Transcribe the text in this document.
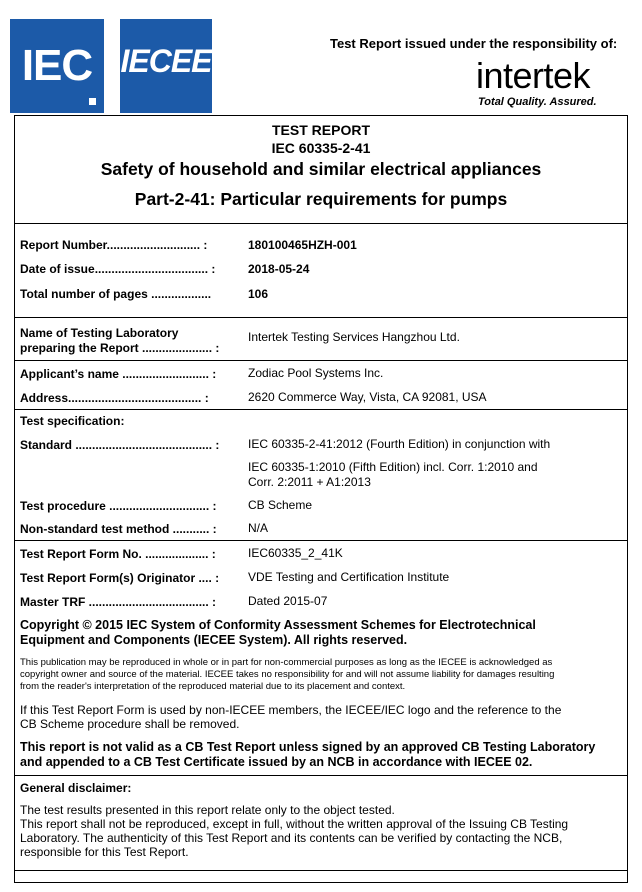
IEC IECEE	Test Report issued under the responsibility of:
intertek
Total Quality. Assured.
TEST REPORT
IEC 60335-2-41
Safety of household and similar electrical appliances
Part-2-41: Particular requirements for pumps
Report Number............................ :	180100465HZH-001
Date of issue.................................. :	2018-05-24
Total number of pages ..................	106
Name of Testing Laboratory
preparing the Report ..................... :
Intertek Testing Services Hangzhou Ltd.
Applicant’s name .......................... :	Zodiac Pool Systems Inc.
Address........................................ :	2620 Commerce Way, Vista, CA 92081, USA
Test specification:
Standard ......................................... : IEC 60335-2-41:2012 (Fourth Edition) in conjunction with
IEC 60335-1:2010 (Fifth Edition) incl. Corr. 1:2010 and
Corr. 2:2011 + A1:2013
Test procedure .............................. :	CB Scheme
Non-standard test method ........... :	N/A
Test Report Form No. ................... :	IEC60335_2_41K
Test Report Form(s) Originator .... : VDE Testing and Certification Institute
Master TRF .................................... :	Dated 2015-07
Copyright © 2015 IEC System of Conformity Assessment Schemes for Electrotechnical
Equipment and Components (IECEE System). All rights reserved.
This publication may be reproduced in whole or in part for non-commercial purposes as long as the IECEE is acknowledged as
copyright owner and source of the material. IECEE takes no responsibility for and will not assume liability for damages resulting
from the reader's interpretation of the reproduced material due to its placement and context.
If this Test Report Form is used by non-IECEE members, the IECEE/IEC logo and the reference to the
CB Scheme procedure shall be removed.
This report is not valid as a CB Test Report unless signed by an approved CB Testing Laboratory
and appended to a CB Test Certificate issued by an NCB in accordance with IECEE 02.
General disclaimer:
The test results presented in this report relate only to the object tested.
This report shall not be reproduced, except in full, without the written approval of the Issuing CB Testing
Laboratory. The authenticity of this Test Report and its contents can be verified by contacting the NCB,
responsible for this Test Report.
